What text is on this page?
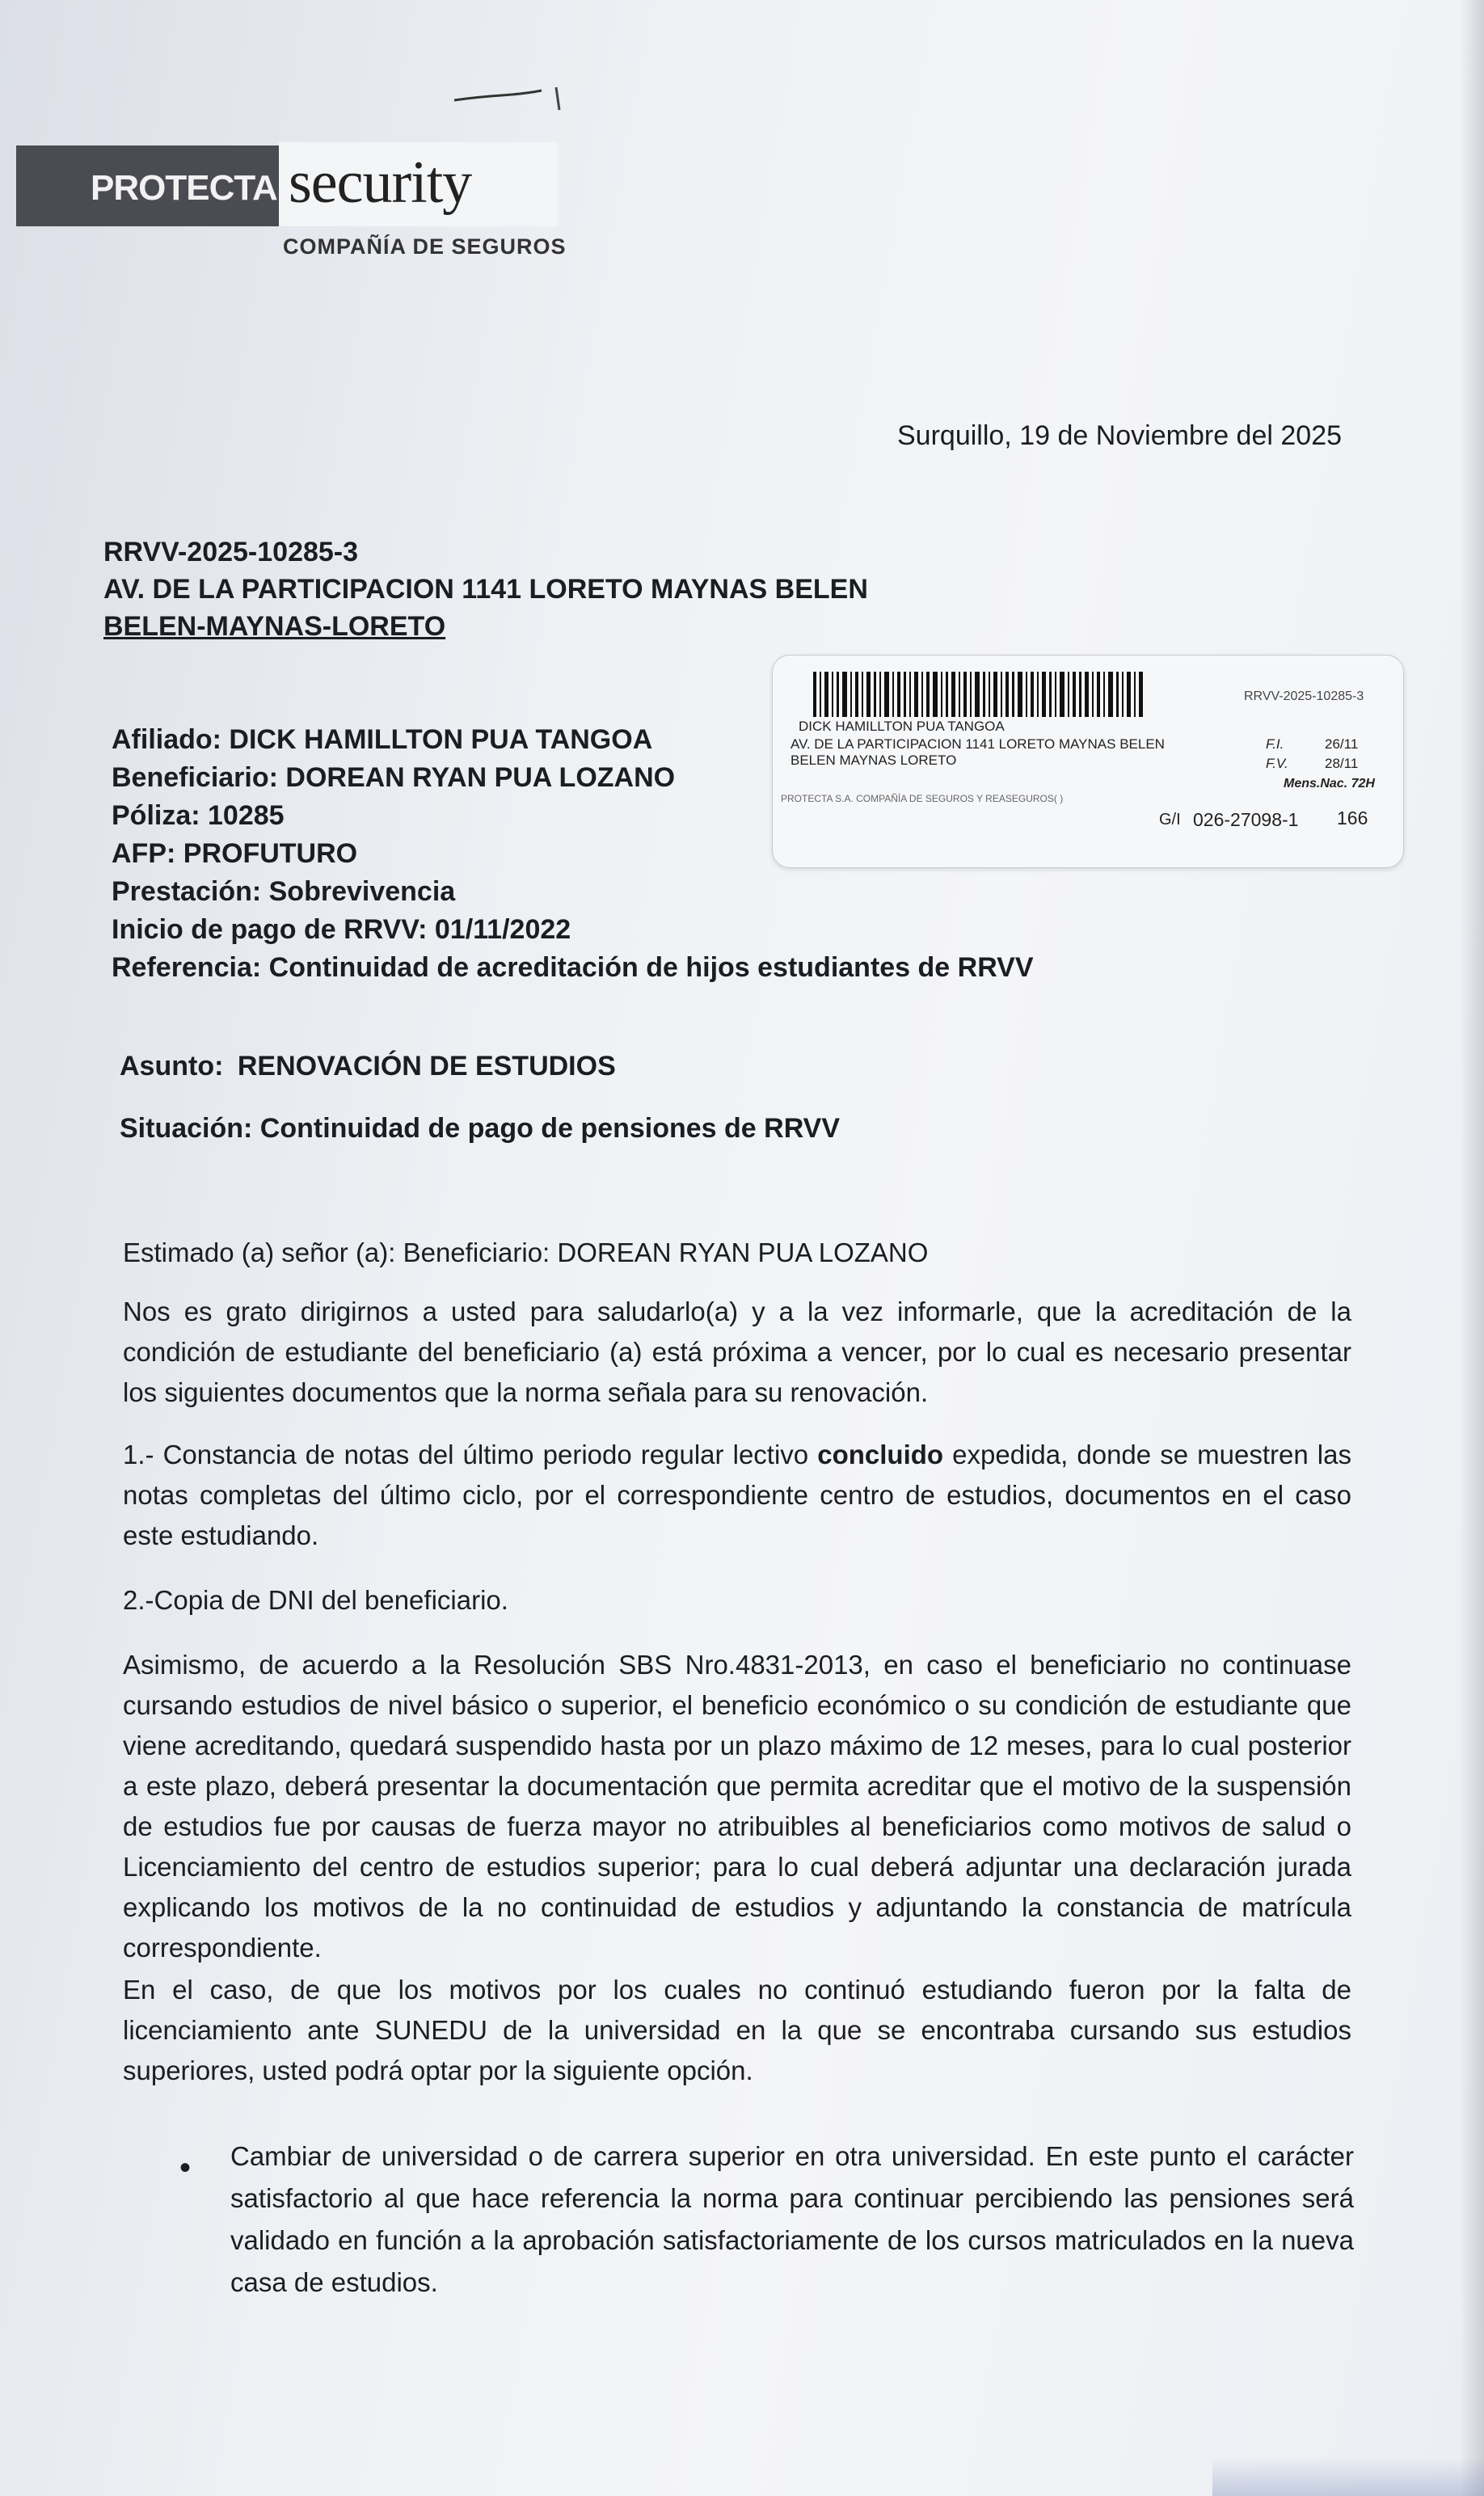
PROTECTA security
COMPAÑÍA DE SEGUROS
Surquillo, 19 de Noviembre del 2025
RRVV-2025-10285-3
AV. DE LA PARTICIPACION 1141 LORETO MAYNAS BELEN
BELEN-MAYNAS-LORETO
RRVV-2025-10285-3
DICK HAMILLTON PUA TANGOA
AV. DE LA PARTICIPACION 1141 LORETO MAYNAS BELEN
BELEN MAYNAS LORETO
PROTECTA S.A. COMPAÑÍA DE SEGUROS Y REASEGUROS( )
F.I.	26/11
F.V.	28/11
Mens.Nac. 72H
G/I 026-27098-1 166
Afiliado: DICK HAMILLTON PUA TANGOA
Beneficiario: DOREAN RYAN PUA LOZANO
Póliza: 10285
AFP: PROFUTURO
Prestación: Sobrevivencia
Inicio de pago de RRVV: 01/11/2022
Referencia: Continuidad de acreditación de hijos estudiantes de RRVV
Asunto: RENOVACIÓN DE ESTUDIOS
Situación: Continuidad de pago de pensiones de RRVV
Estimado (a) señor (a): Beneficiario: DOREAN RYAN PUA LOZANO
Nos es grato dirigirnos a usted para saludarlo(a) y a la vez informarle, que la acreditación de la condición de estudiante del beneficiario (a) está próxima a vencer, por lo cual es necesario presentar los siguientes documentos que la norma señala para su renovación.
1.- Constancia de notas del último periodo regular lectivo concluido expedida, donde se muestren las notas completas del último ciclo, por el correspondiente centro de estudios, documentos en el caso este estudiando.
2.-Copia de DNI del beneficiario.
Asimismo, de acuerdo a la Resolución SBS Nro.4831-2013, en caso el beneficiario no continuase cursando estudios de nivel básico o superior, el beneficio económico o su condición de estudiante que viene acreditando, quedará suspendido hasta por un plazo máximo de 12 meses, para lo cual posterior a este plazo, deberá presentar la documentación que permita acreditar que el motivo de la suspensión de estudios fue por causas de fuerza mayor no atribuibles al beneficiarios como motivos de salud o Licenciamiento del centro de estudios superior; para lo cual deberá adjuntar una declaración jurada explicando los motivos de la no continuidad de estudios y adjuntando la constancia de matrícula correspondiente.
En el caso, de que los motivos por los cuales no continuó estudiando fueron por la falta de licenciamiento ante SUNEDU de la universidad en la que se encontraba cursando sus estudios superiores, usted podrá optar por la siguiente opción.
• Cambiar de universidad o de carrera superior en otra universidad. En este punto el carácter satisfactorio al que hace referencia la norma para continuar percibiendo las pensiones será validado en función a la aprobación satisfactoriamente de los cursos matriculados en la nueva casa de estudios.
